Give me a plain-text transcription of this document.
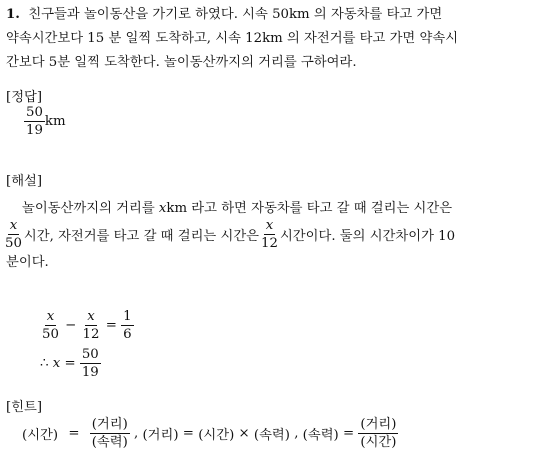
1. 친구들과 놀이동산을 가기로 하였다. 시속 50km 의 자동차를 타고 가면
약속시간보다 15 분 일찍 도착하고, 시속 12km 의 자전거를 타고 가면 약속시
간보다 5분 일찍 도착한다. 놀이동산까지의 거리를 구하여라.
[정답]
$\frac{50}{19}$ km
[해설]
놀이동산까지의 거리를 xkm 라고 하면 자동차를 타고 갈 때 걸리는 시간은
$\frac{x}{50}$ 시간, 자전거를 타고 갈 때 걸리는 시간은 $\frac{x}{12}$ 시간이다. 둘의 시간차이가 10
분이다.
$\frac{x}{50} - \frac{x}{12} = \frac{1}{6}$
∴ $x = \frac{50}{19}$
[힌트]
(시간) = $\frac{\text{(거리)}}{\text{(속력)}}$ , (거리) = (시간) × (속력) , (속력) = $\frac{\text{(거리)}}{\text{(시간)}}$
